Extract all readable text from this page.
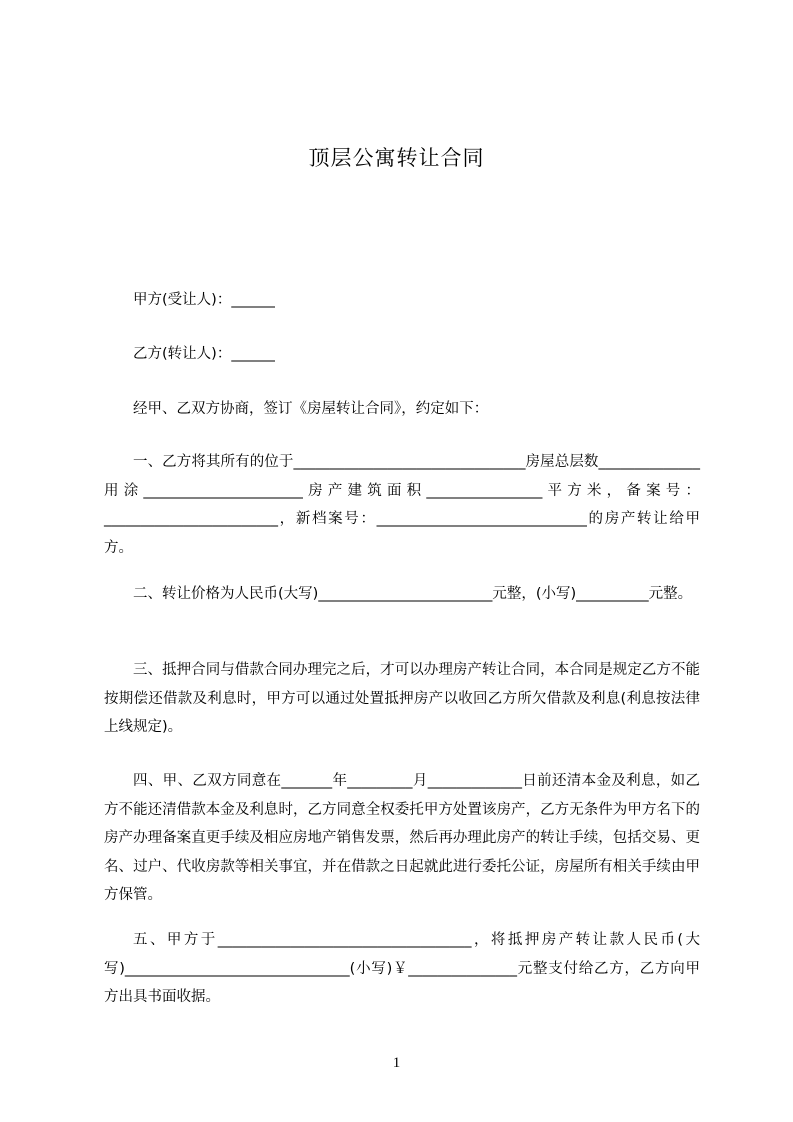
顶层公寓转让合同
甲方(受让人)：______
乙方(转让人)：______
经甲、乙双方协商，签订《房屋转让合同》，约定如下：
一、乙方将其所有的位于________________________________房屋总层数______________用涂______________________房产建筑面积________________平方米，备案号：________________________，新档案号：_____________________________的房产转让给甲方。
二、转让价格为人民币(大写)________________________元整，(小写)__________元整。
三、抵押合同与借款合同办理完之后，才可以办理房产转让合同，本合同是规定乙方不能按期偿还借款及利息时，甲方可以通过处置抵押房产以收回乙方所欠借款及利息(利息按法律上线规定)。
四、甲、乙双方同意在_______年_________月_____________日前还清本金及利息，如乙方不能还清借款本金及利息时，乙方同意全权委托甲方处置该房产，乙方无条件为甲方名下的房产办理备案直更手续及相应房地产销售发票，然后再办理此房产的转让手续，包括交易、更名、过户、代收房款等相关事宜，并在借款之日起就此进行委托公证，房屋所有相关手续由甲方保管。
五、甲方于___________________________________，将抵押房产转让款人民币(大写)_______________________________(小写)￥_______________元整支付给乙方，乙方向甲方出具书面收据。
1
